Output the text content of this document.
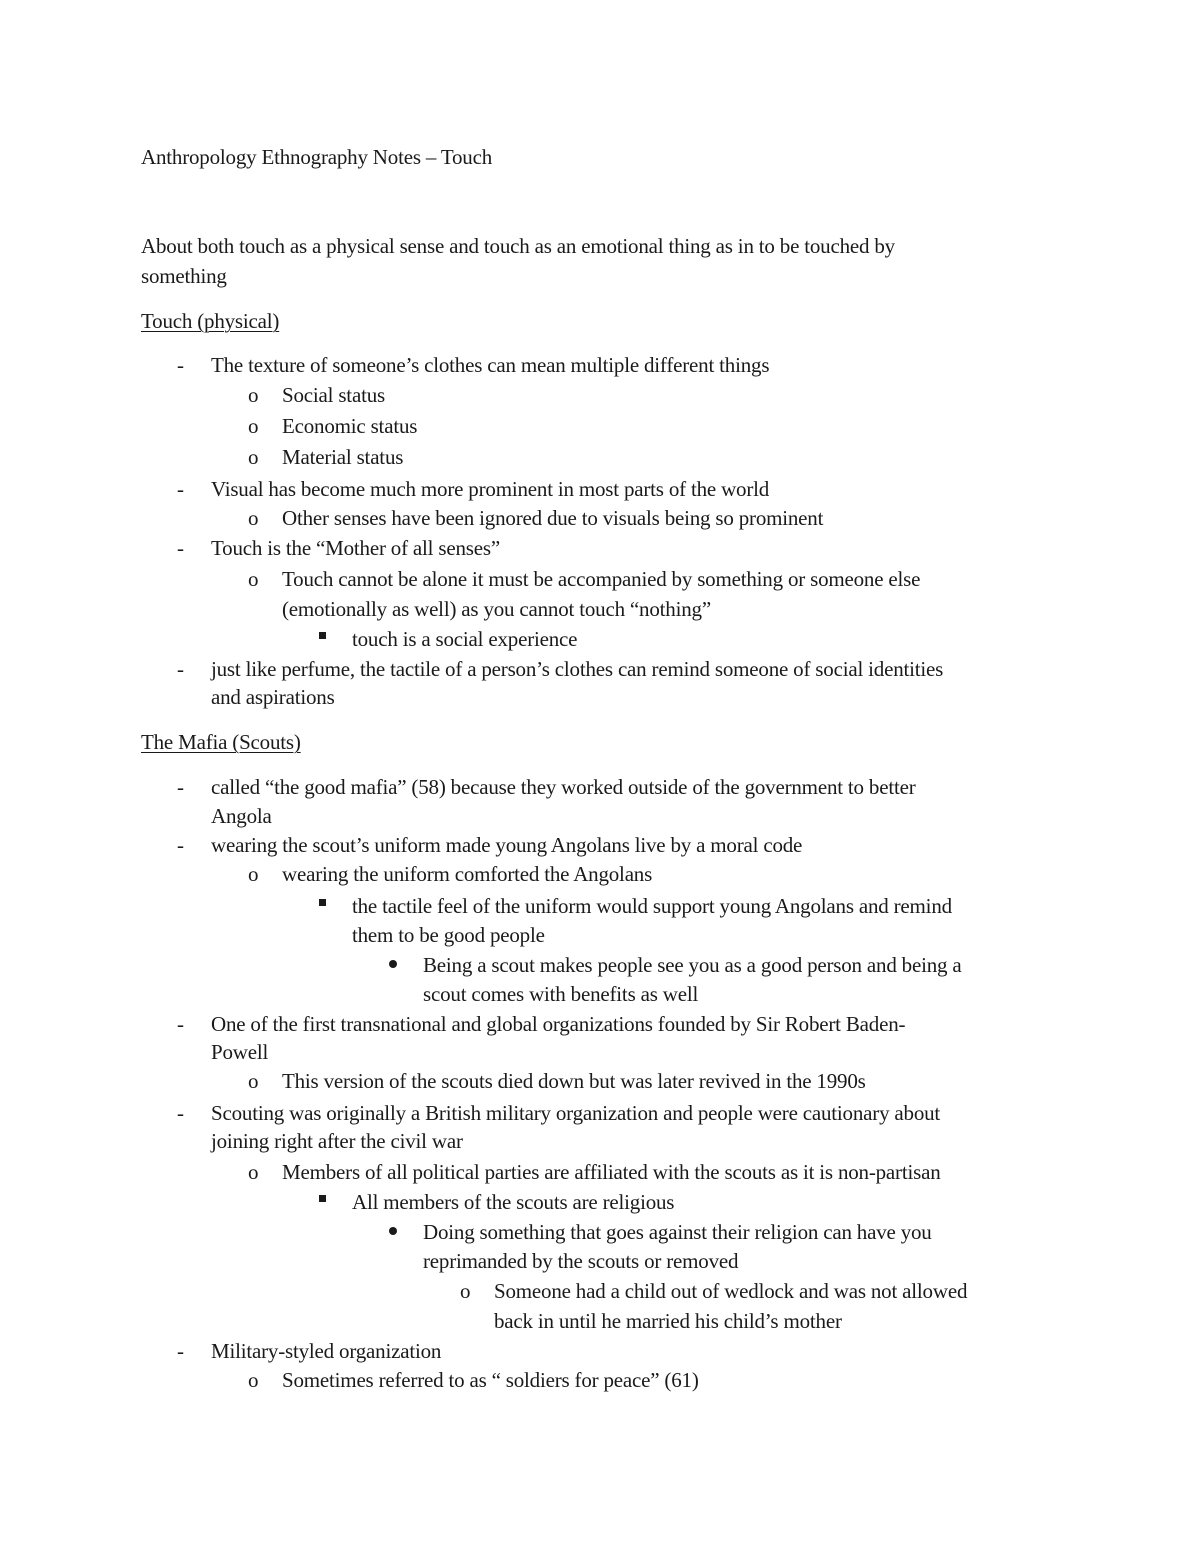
Anthropology Ethnography Notes – Touch
About both touch as a physical sense and touch as an emotional thing as in to be touched by
something
Touch (physical)
- The texture of someone’s clothes can mean multiple different things
o Social status
o Economic status
o Material status
- Visual has become much more prominent in most parts of the world
o Other senses have been ignored due to visuals being so prominent
- Touch is the “Mother of all senses”
o Touch cannot be alone it must be accompanied by something or someone else
(emotionally as well) as you cannot touch “nothing”
touch is a social experience
- just like perfume, the tactile of a person’s clothes can remind someone of social identities
and aspirations
The Mafia (Scouts)
- called “the good mafia” (58) because they worked outside of the government to better
Angola
- wearing the scout’s uniform made young Angolans live by a moral code
o wearing the uniform comforted the Angolans
the tactile feel of the uniform would support young Angolans and remind
them to be good people
Being a scout makes people see you as a good person and being a
scout comes with benefits as well
- One of the first transnational and global organizations founded by Sir Robert Baden-
Powell
o This version of the scouts died down but was later revived in the 1990s
- Scouting was originally a British military organization and people were cautionary about
joining right after the civil war
o Members of all political parties are affiliated with the scouts as it is non-partisan
All members of the scouts are religious
Doing something that goes against their religion can have you
reprimanded by the scouts or removed
o Someone had a child out of wedlock and was not allowed
back in until he married his child’s mother
- Military-styled organization
o Sometimes referred to as “ soldiers for peace” (61)
